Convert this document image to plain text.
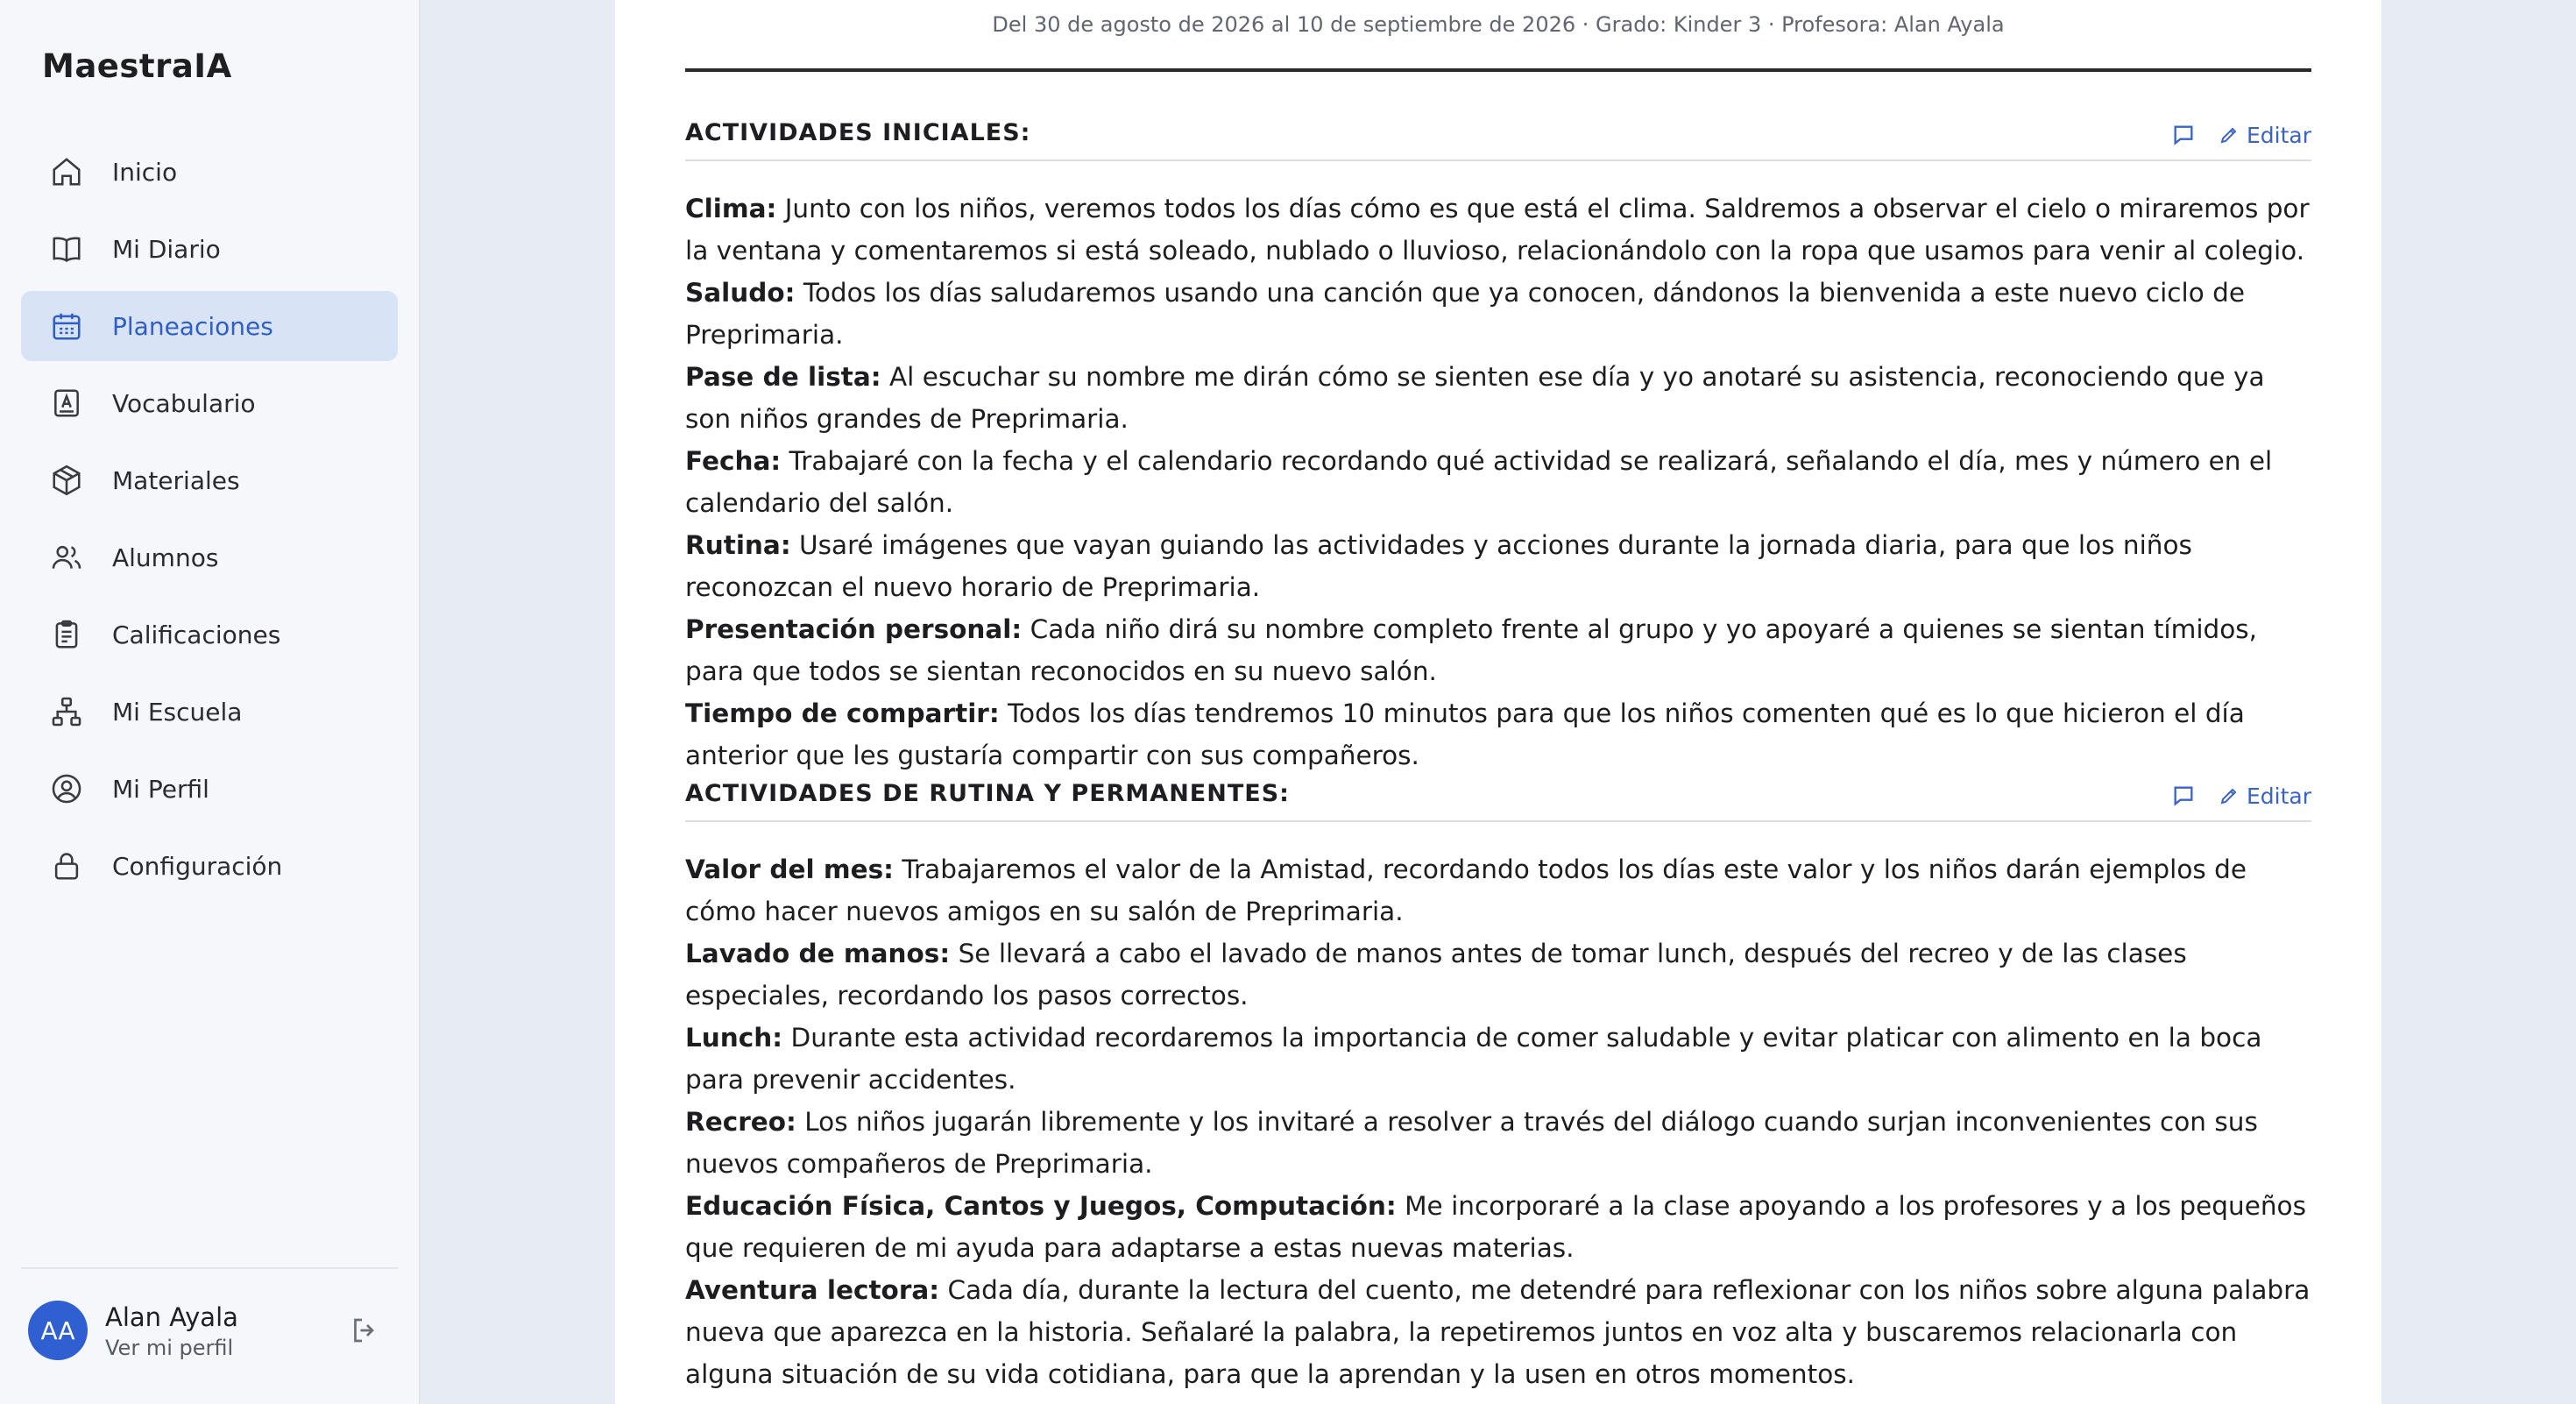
MaestraIA
Inicio
Mi Diario
Planeaciones
Vocabulario
Materiales
Alumnos
Calificaciones
Mi Escuela
Mi Perfil
Configuración
AA	Alan Ayala
Ver mi perfil
Del 30 de agosto de 2026 al 10 de septiembre de 2026 · Grado: Kinder 3 · Profesora: Alan Ayala
ACTIVIDADES INICIALES:	Editar

Clima: Junto con los niños, veremos todos los días cómo es que está el clima. Saldremos a observar el cielo o miraremos por la ventana y comentaremos si está soleado, nublado o lluvioso, relacionándolo con la ropa que usamos para venir al colegio.

Saludo: Todos los días saludaremos usando una canción que ya conocen, dándonos la bienvenida a este nuevo ciclo de Preprimaria.

Pase de lista: Al escuchar su nombre me dirán cómo se sienten ese día y yo anotaré su asistencia, reconociendo que ya son niños grandes de Preprimaria.

Fecha: Trabajaré con la fecha y el calendario recordando qué actividad se realizará, señalando el día, mes y número en el calendario del salón.

Rutina: Usaré imágenes que vayan guiando las actividades y acciones durante la jornada diaria, para que los niños reconozcan el nuevo horario de Preprimaria.

Presentación personal: Cada niño dirá su nombre completo frente al grupo y yo apoyaré a quienes se sientan tímidos, para que todos se sientan reconocidos en su nuevo salón.

Tiempo de compartir: Todos los días tendremos 10 minutos para que los niños comenten qué es lo que hicieron el día anterior que les gustaría compartir con sus compañeros.

ACTIVIDADES DE RUTINA Y PERMANENTES:	Editar

Valor del mes: Trabajaremos el valor de la Amistad, recordando todos los días este valor y los niños darán ejemplos de cómo hacer nuevos amigos en su salón de Preprimaria.

Lavado de manos: Se llevará a cabo el lavado de manos antes de tomar lunch, después del recreo y de las clases especiales, recordando los pasos correctos.

Lunch: Durante esta actividad recordaremos la importancia de comer saludable y evitar platicar con alimento en la boca para prevenir accidentes.

Recreo: Los niños jugarán libremente y los invitaré a resolver a través del diálogo cuando surjan inconvenientes con sus nuevos compañeros de Preprimaria.

Educación Física, Cantos y Juegos, Computación: Me incorporaré a la clase apoyando a los profesores y a los pequeños que requieren de mi ayuda para adaptarse a estas nuevas materias.

Aventura lectora: Cada día, durante la lectura del cuento, me detendré para reflexionar con los niños sobre alguna palabra nueva que aparezca en la historia. Señalaré la palabra, la repetiremos juntos en voz alta y buscaremos relacionarla con alguna situación de su vida cotidiana, para que la aprendan y la usen en otros momentos.
